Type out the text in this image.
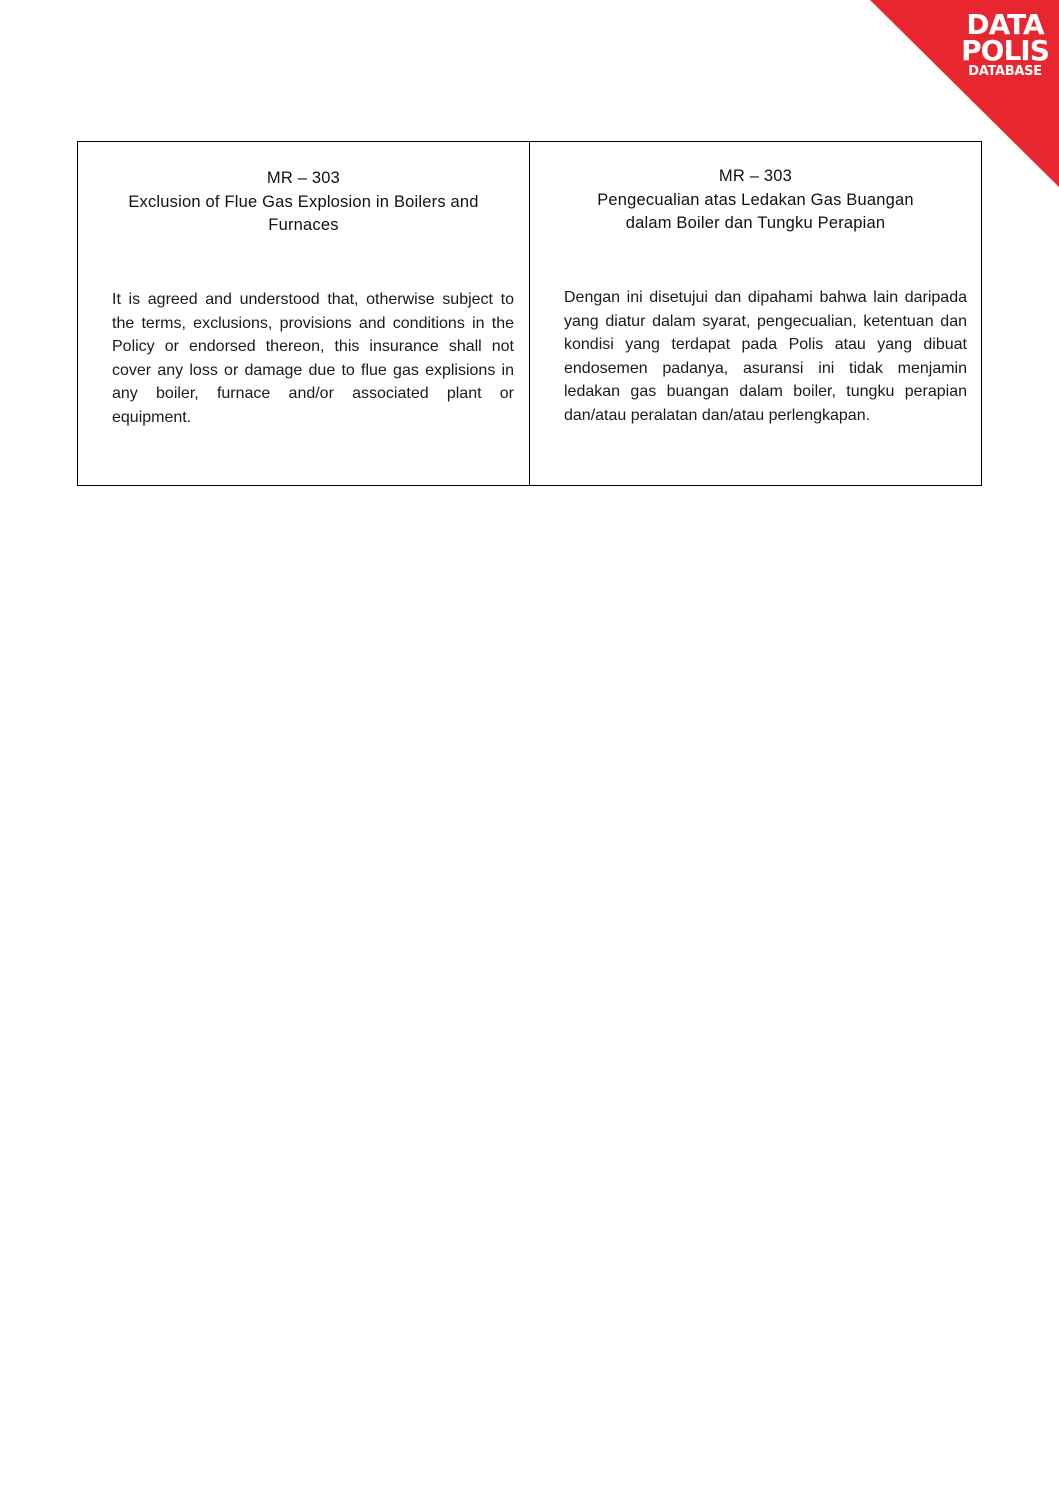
DATA
POLIS
DATABASE
MR – 303
Exclusion of Flue Gas Explosion in Boilers and Furnaces
It is agreed and understood that, otherwise subject to the terms, exclusions, provisions and conditions in the Policy or endorsed thereon, this insurance shall not cover any loss or damage due to flue gas explisions in any boiler, furnace and/or associated plant or equipment.
MR – 303
Pengecualian atas Ledakan Gas Buangan
dalam Boiler dan Tungku Perapian
Dengan ini disetujui dan dipahami bahwa lain daripada yang diatur dalam syarat, pengecualian, ketentuan dan kondisi yang terdapat pada Polis atau yang dibuat endosemen padanya, asuransi ini tidak menjamin ledakan gas buangan dalam boiler, tungku perapian dan/atau peralatan dan/atau perlengkapan.
